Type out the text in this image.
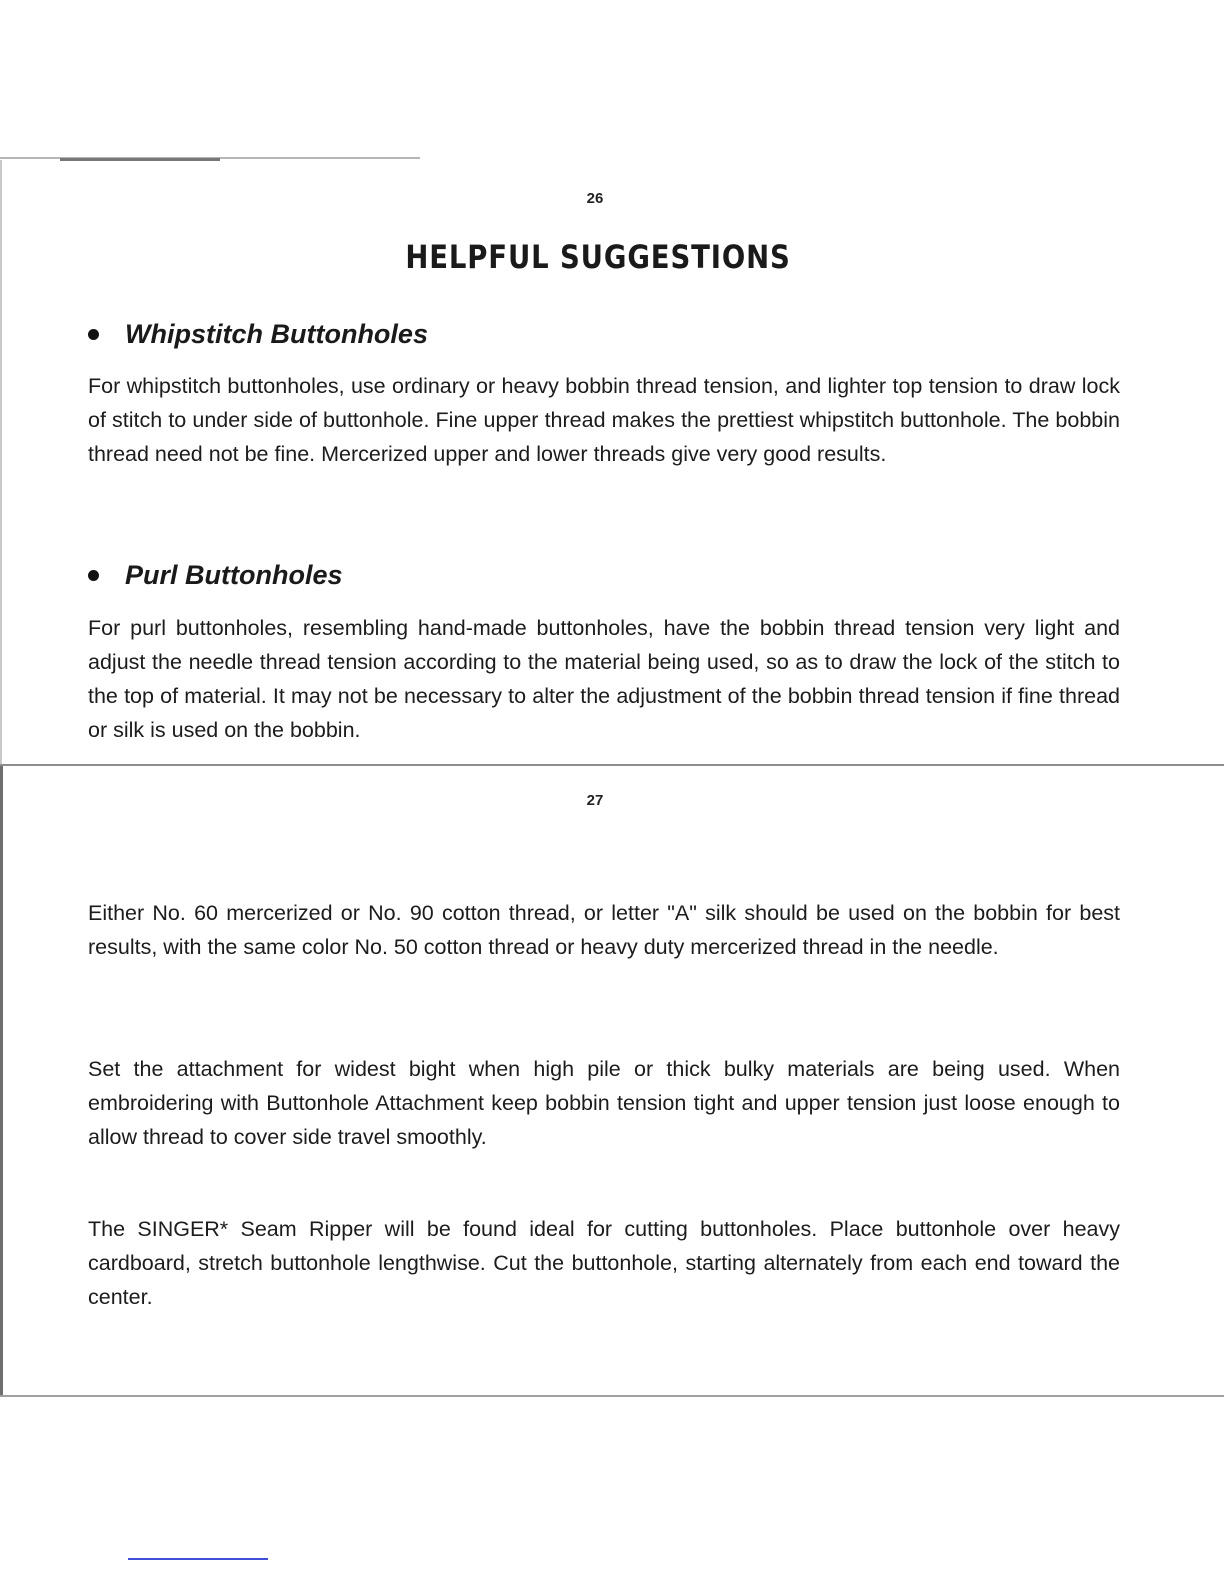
26
HELPFUL SUGGESTIONS
Whipstitch Buttonholes

For whipstitch buttonholes, use ordinary or heavy bobbin thread tension, and lighter top tension to draw lock of stitch to under side of buttonhole. Fine upper thread makes the prettiest whipstitch buttonhole. The bobbin thread need not be fine. Mercerized upper and lower threads give very good results.

Purl Buttonholes

For purl buttonholes, resembling hand-made buttonholes, have the bobbin thread tension very light and adjust the needle thread tension according to the material being used, so as to draw the lock of the stitch to the top of material. It may not be necessary to alter the adjustment of the bobbin thread tension if fine thread or silk is used on the bobbin.

27

Either No. 60 mercerized or No. 90 cotton thread, or letter "A" silk should be used on the bobbin for best results, with the same color No. 50 cotton thread or heavy duty mercerized thread in the needle.

Set the attachment for widest bight when high pile or thick bulky materials are being used. When embroidering with Buttonhole Attachment keep bobbin tension tight and upper tension just loose enough to allow thread to cover side travel smoothly.

The SINGER* Seam Ripper will be found ideal for cutting buttonholes. Place buttonhole over heavy cardboard, stretch buttonhole lengthwise. Cut the buttonhole, starting alternately from each end toward the center.
